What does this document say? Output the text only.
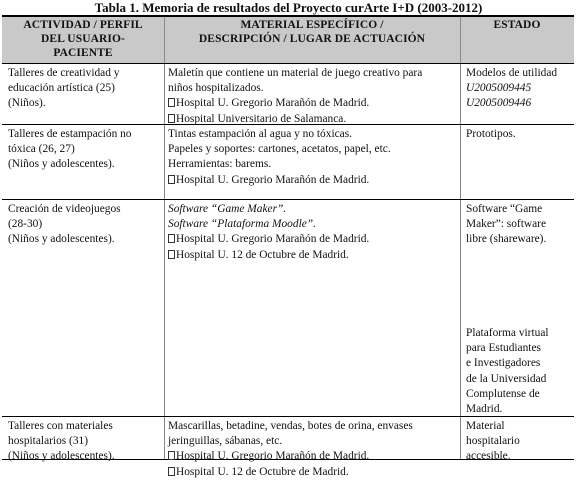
Tabla 1. Memoria de resultados del Proyecto curArte I+D (2003-2012)
ACTIVIDAD / PERFIL
DEL USUARIO-
PACIENTE
MATERIAL ESPECÍFICO /
DESCRIPCIÓN / LUGAR DE ACTUACIÓN
ESTADO
Talleres de creatividad y
educación artística (25)
(Niños).
Maletín que contiene un material de juego creativo para
niños hospitalizados.
Hospital U. Gregorio Marañón de Madrid.
Hospital Universitario de Salamanca.
Modelos de utilidad
U2005009445
U2005009446
Talleres de estampación no
tóxica (26, 27)
(Niños y adolescentes).
Tintas estampación al agua y no tóxicas.
Papeles y soportes: cartones, acetatos, papel, etc.
Herramientas: barems.
Hospital U. Gregorio Marañón de Madrid.
Prototipos.
Creación de videojuegos
(28-30)
(Niños y adolescentes).
Software “Game Maker”.
Software “Plataforma Moodle”.
Hospital U. Gregorio Marañón de Madrid.
Hospital U. 12 de Octubre de Madrid.
Software “Game
Maker”: software
libre (shareware).
Plataforma virtual
para Estudiantes
e Investigadores
de la Universidad
Complutense de
Madrid.
Talleres con materiales
hospitalarios (31)
(Niños y adolescentes).
Mascarillas, betadine, vendas, botes de orina, envases
jeringuillas, sábanas, etc.
Hospital U. Gregorio Marañón de Madrid.
Hospital U. 12 de Octubre de Madrid.
Material
hospitalario
accesible.
